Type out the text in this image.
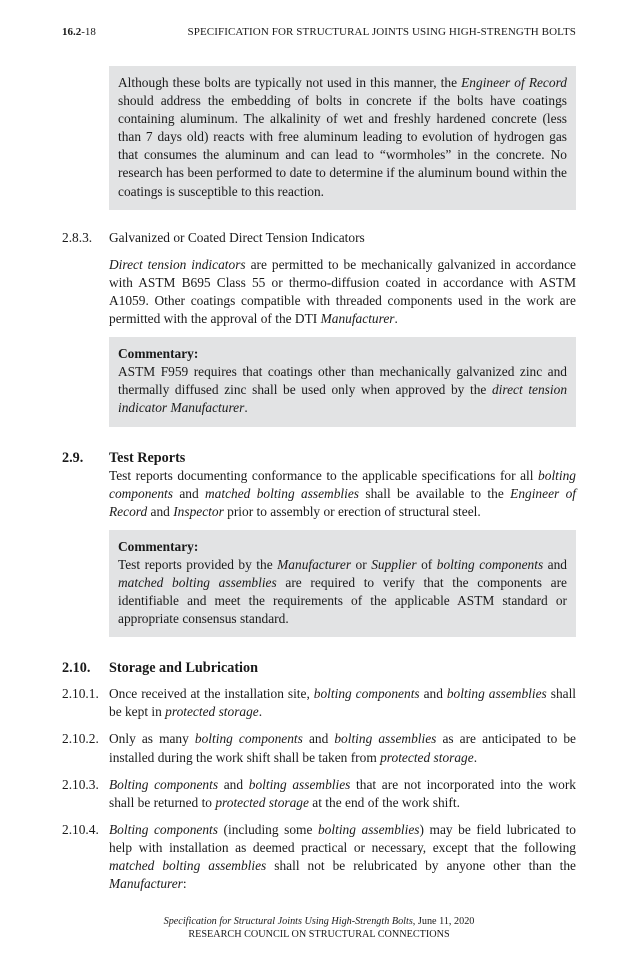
16.2-18	SPECIFICATION FOR STRUCTURAL JOINTS USING HIGH-STRENGTH BOLTS

Although these bolts are typically not used in this manner, the Engineer of Record should address the embedding of bolts in concrete if the bolts have coatings containing aluminum. The alkalinity of wet and freshly hardened concrete (less than 7 days old) reacts with free aluminum leading to evolution of hydrogen gas that consumes the aluminum and can lead to “wormholes” in the concrete. No research has been performed to date to determine if the aluminum bound within the coatings is susceptible to this reaction.

2.8.3. Galvanized or Coated Direct Tension Indicators

Direct tension indicators are permitted to be mechanically galvanized in accordance with ASTM B695 Class 55 or thermo-diffusion coated in accordance with ASTM A1059. Other coatings compatible with threaded components used in the work are permitted with the approval of the DTI Manufacturer.

Commentary:

ASTM F959 requires that coatings other than mechanically galvanized zinc and thermally diffused zinc shall be used only when approved by the direct tension indicator Manufacturer.

2.9. Test Reports

Test reports documenting conformance to the applicable specifications for all bolting components and matched bolting assemblies shall be available to the Engineer of Record and Inspector prior to assembly or erection of structural steel.

Commentary:

Test reports provided by the Manufacturer or Supplier of bolting components and matched bolting assemblies are required to verify that the components are identifiable and meet the requirements of the applicable ASTM standard or appropriate consensus standard.

2.10. Storage and Lubrication
2.10.1. Once received at the installation site, bolting components and bolting assemblies shall be kept in protected storage.

2.10.2. Only as many bolting components and bolting assemblies as are anticipated to be installed during the work shift shall be taken from protected storage.

2.10.3. Bolting components and bolting assemblies that are not incorporated into the work shall be returned to protected storage at the end of the work shift.

2.10.4. Bolting components (including some bolting assemblies) may be field lubricated to help with installation as deemed practical or necessary, except that the following matched bolting assemblies shall not be relubricated by anyone other than the Manufacturer:

Specification for Structural Joints Using High-Strength Bolts, June 11, 2020
RESEARCH COUNCIL ON STRUCTURAL CONNECTIONS
